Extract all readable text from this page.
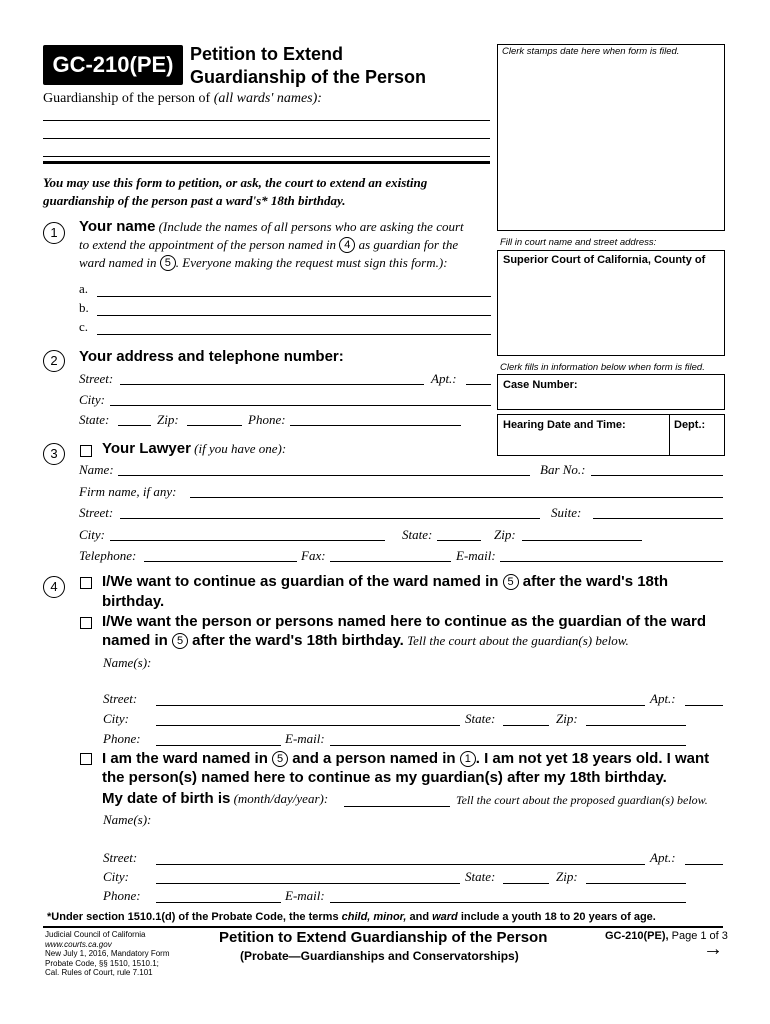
GC-210(PE) Petition to Extend
Guardianship of the Person
Guardianship of the person of (all wards' names):
Clerk stamps date here when form is filed.
Fill in court name and street address:
Superior Court of California, County of
Clerk fills in information below when form is filed.
Case Number:
Hearing Date and Time:	Dept.:
You may use this form to petition, or ask, the court to extend an existing guardianship of the person past a ward's* 18th birthday.
1	Your name (Include the names of all persons who are asking the court
to extend the appointment of the person named in 4 as guardian for the
ward named in 5 . Everyone making the request must sign this form.):
a.
b.
c.
2	Your address and telephone number:
Street:	Apt.:
City:
State:	Zip:	Phone:
3	Your Lawyer (if you have one):
Name:	Bar No.:
Firm name, if any:
Street:	Suite:
City:	State:	Zip:
Telephone:	Fax:	E-mail:
4	I/We want to continue as guardian of the ward named in 5 after the ward's 18th
birthday.
I/We want the person or persons named here to continue as the guardian of the ward
named in 5 after the ward's 18th birthday. Tell the court about the guardian(s) below.
Name(s):
Street:	Apt.:
City:	State:	Zip:
Phone:	E-mail:
I am the ward named in 5 and a person named in 1 . I am not yet 18 years old. I want
the person(s) named here to continue as my guardian(s) after my 18th birthday.
My date of birth is (month/day/year):	Tell the court about the proposed guardian(s) below.
Name(s):
Street:	Apt.:
City:	State:	Zip:
Phone:	E-mail:
*Under section 1510.1(d) of the Probate Code, the terms child, minor, and ward include a youth 18 to 20 years of age.
Judicial Council of California
www.courts.ca.gov
New July 1, 2016, Mandatory Form
Probate Code, §§ 1510, 1510.1;
Cal. Rules of Court, rule 7.101
Petition to Extend Guardianship of the Person
(Probate—Guardianships and Conservatorships)
GC-210(PE), Page 1 of 3
→
